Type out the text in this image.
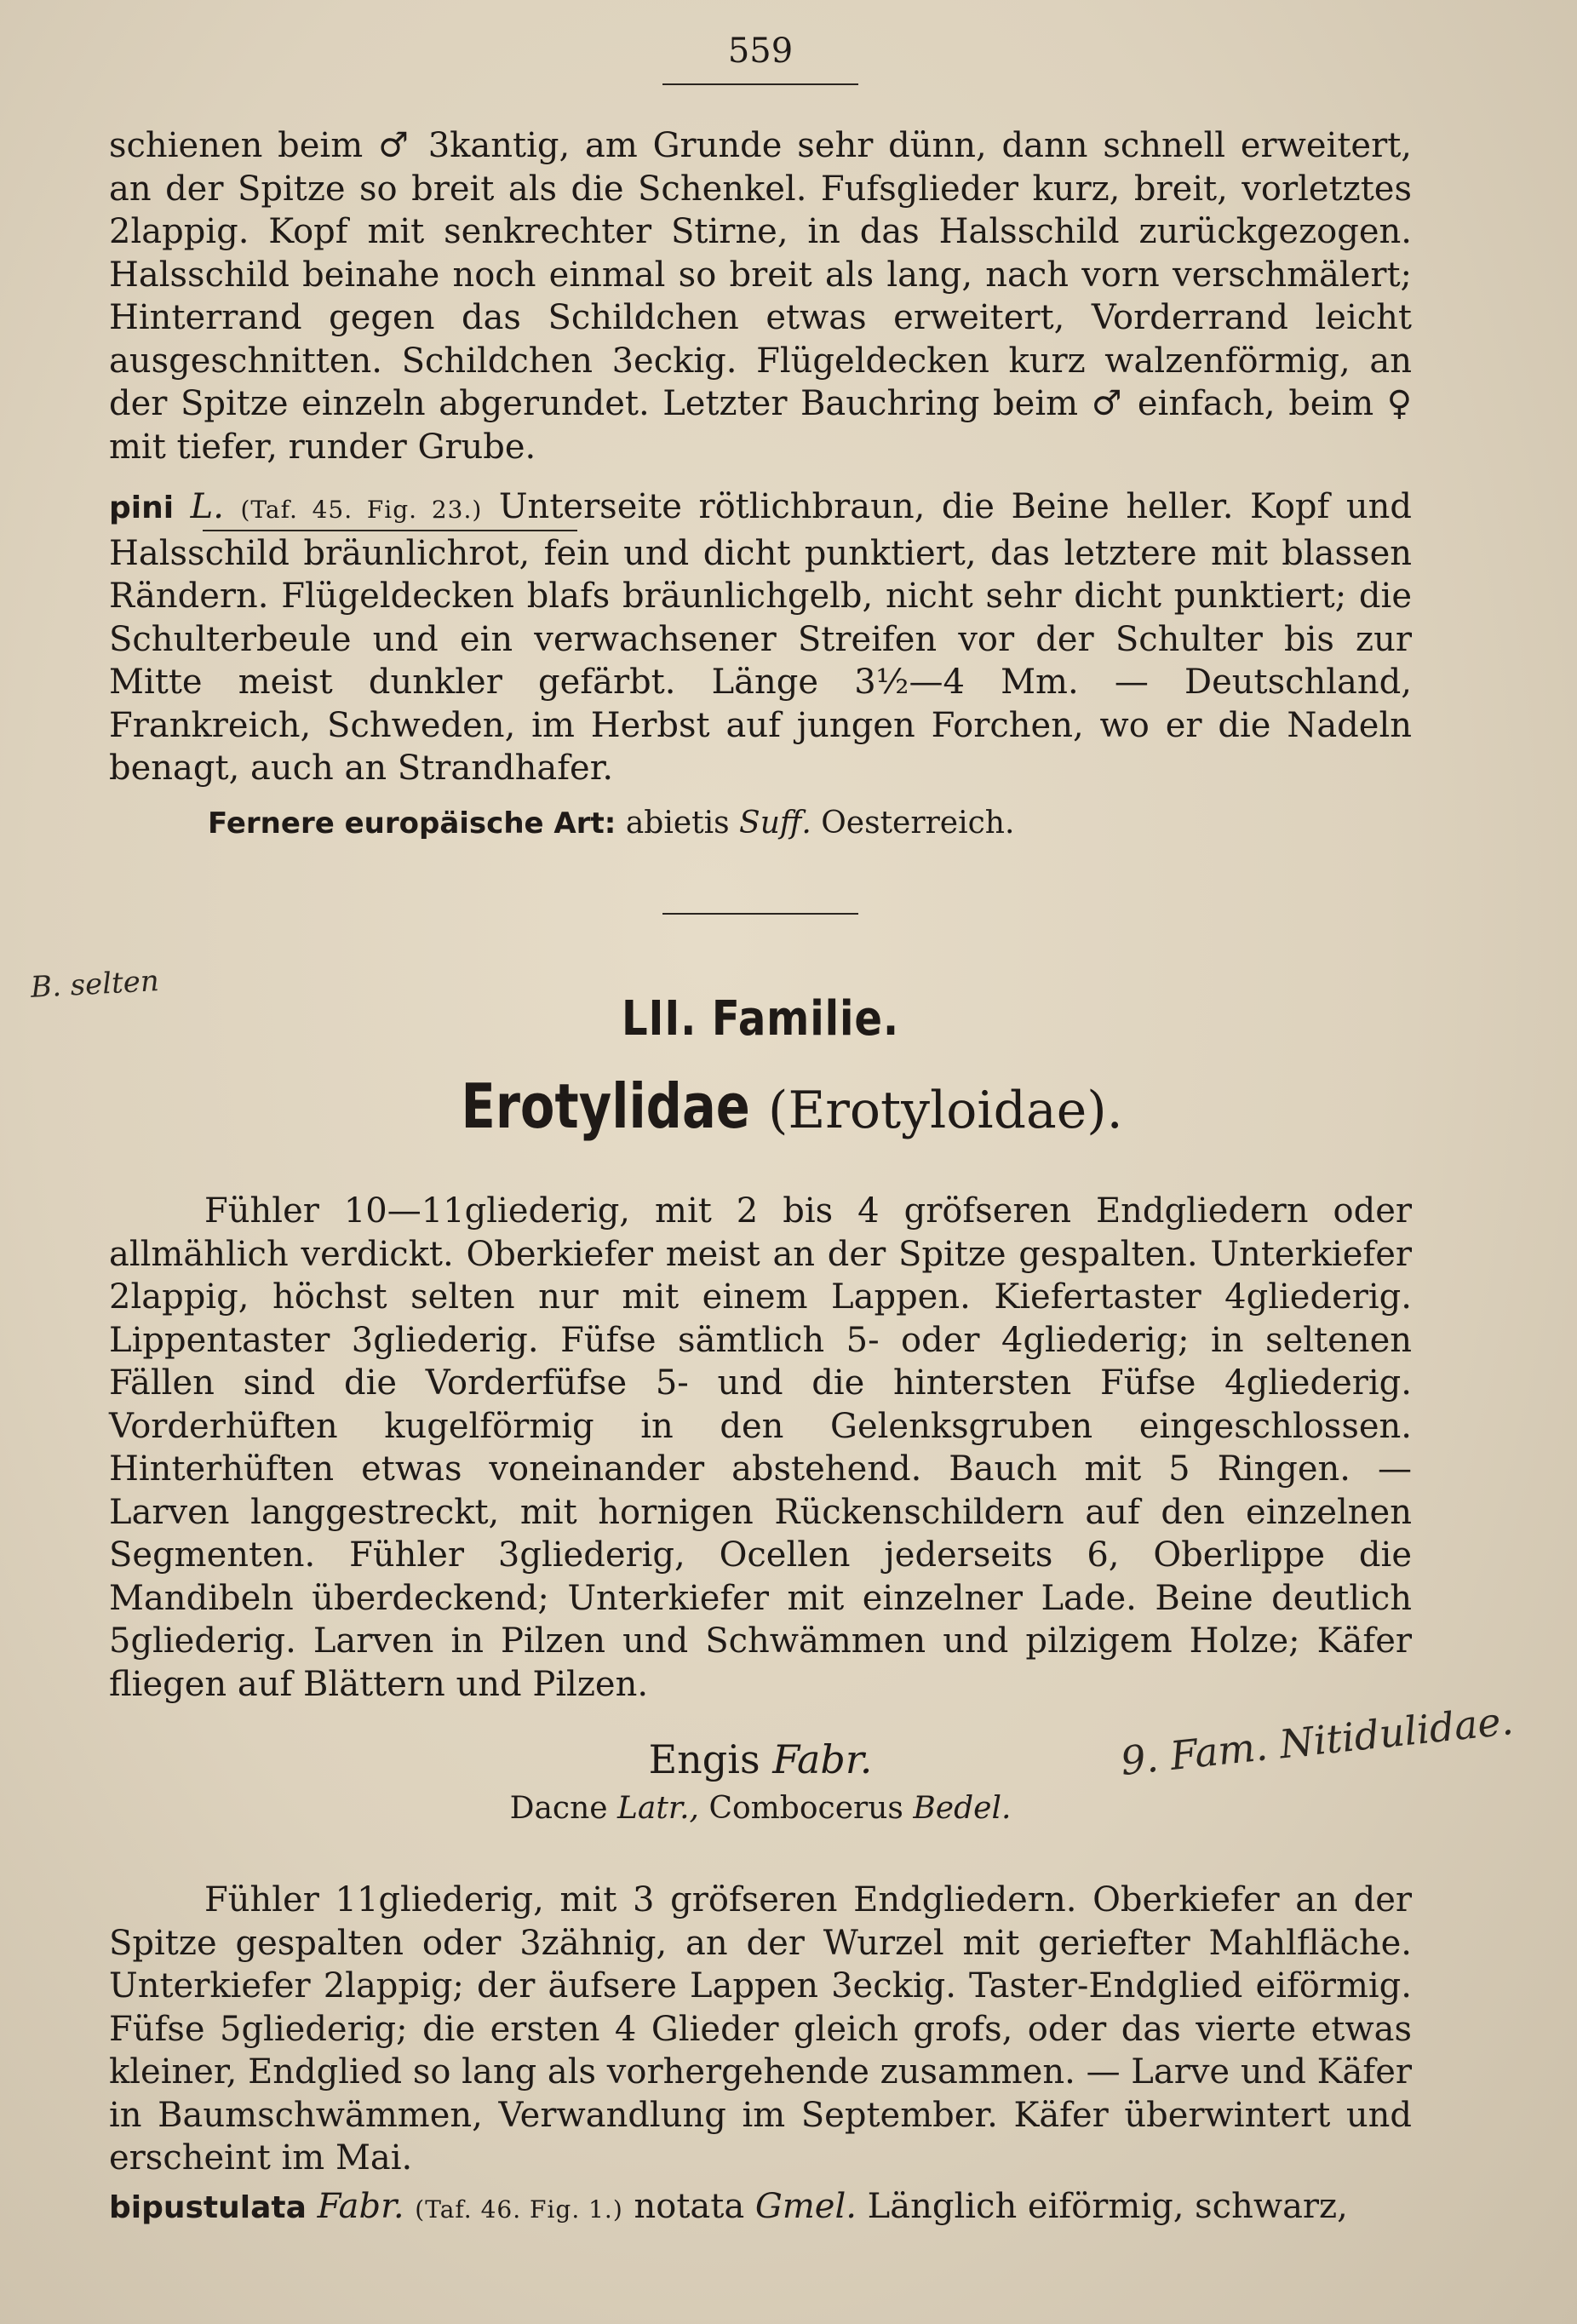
559

schienen beim ♂ 3kantig, am Grunde sehr dünn, dann schnell erweitert, an der Spitze so breit als die Schenkel. Fufsglieder kurz, breit, vorletztes 2lappig. Kopf mit senkrechter Stirne, in das Halsschild zurückgezogen. Halsschild beinahe noch einmal so breit als lang, nach vorn verschmälert; Hinterrand gegen das Schildchen etwas erweitert, Vorderrand leicht ausgeschnitten. Schildchen 3eckig. Flügeldecken kurz walzenförmig, an der Spitze einzeln abgerundet. Letzter Bauchring beim ♂ einfach, beim ♀ mit tiefer, runder Grube.

B. selten

pini L. (Taf. 45. Fig. 23.) Unterseite rötlichbraun, die Beine heller. Kopf und Halsschild bräunlichrot, fein und dicht punktiert, das letztere mit blassen Rändern. Flügeldecken blafs bräunlichgelb, nicht sehr dicht punktiert; die Schulterbeule und ein verwachsener Streifen vor der Schulter bis zur Mitte meist dunkler gefärbt. Länge 3½—4 Mm. — Deutschland, Frankreich, Schweden, im Herbst auf jungen Forchen, wo er die Nadeln benagt, auch an Strandhafer.

Fernere europäische Art: abietis Suff. Oesterreich.

LII. Familie.
Erotylidae (Erotyloidae).

Fühler 10—11gliederig, mit 2 bis 4 gröfseren Endgliedern oder allmählich verdickt. Oberkiefer meist an der Spitze gespalten. Unterkiefer 2lappig, höchst selten nur mit einem Lappen. Kiefertaster 4gliederig. Lippentaster 3gliederig. Füfse sämtlich 5- oder 4gliederig; in seltenen Fällen sind die Vorderfüfse 5- und die hintersten Füfse 4gliederig. Vorderhüften kugelförmig in den Gelenksgruben eingeschlossen. Hinterhüften etwas voneinander abstehend. Bauch mit 5 Ringen. — Larven langgestreckt, mit hornigen Rückenschildern auf den einzelnen Segmenten. Fühler 3gliederig, Ocellen jederseits 6, Oberlippe die Mandibeln überdeckend; Unterkiefer mit einzelner Lade. Beine deutlich 5gliederig. Larven in Pilzen und Schwämmen und pilzigem Holze; Käfer fliegen auf Blättern und Pilzen.

Engis Fabr.	9. Fam. Nitidulidae.
Dacne Latr., Combocerus Bedel.

Fühler 11gliederig, mit 3 gröfseren Endgliedern. Oberkiefer an der Spitze gespalten oder 3zähnig, an der Wurzel mit geriefter Mahlfläche. Unterkiefer 2lappig; der äufsere Lappen 3eckig. Taster-Endglied eiförmig. Füfse 5gliederig; die ersten 4 Glieder gleich grofs, oder das vierte etwas kleiner, Endglied so lang als vorhergehende zusammen. — Larve und Käfer in Baumschwämmen, Verwandlung im September. Käfer überwintert und erscheint im Mai.

bipustulata Fabr. (Taf. 46. Fig. 1.) notata Gmel. Länglich eiförmig, schwarz,
